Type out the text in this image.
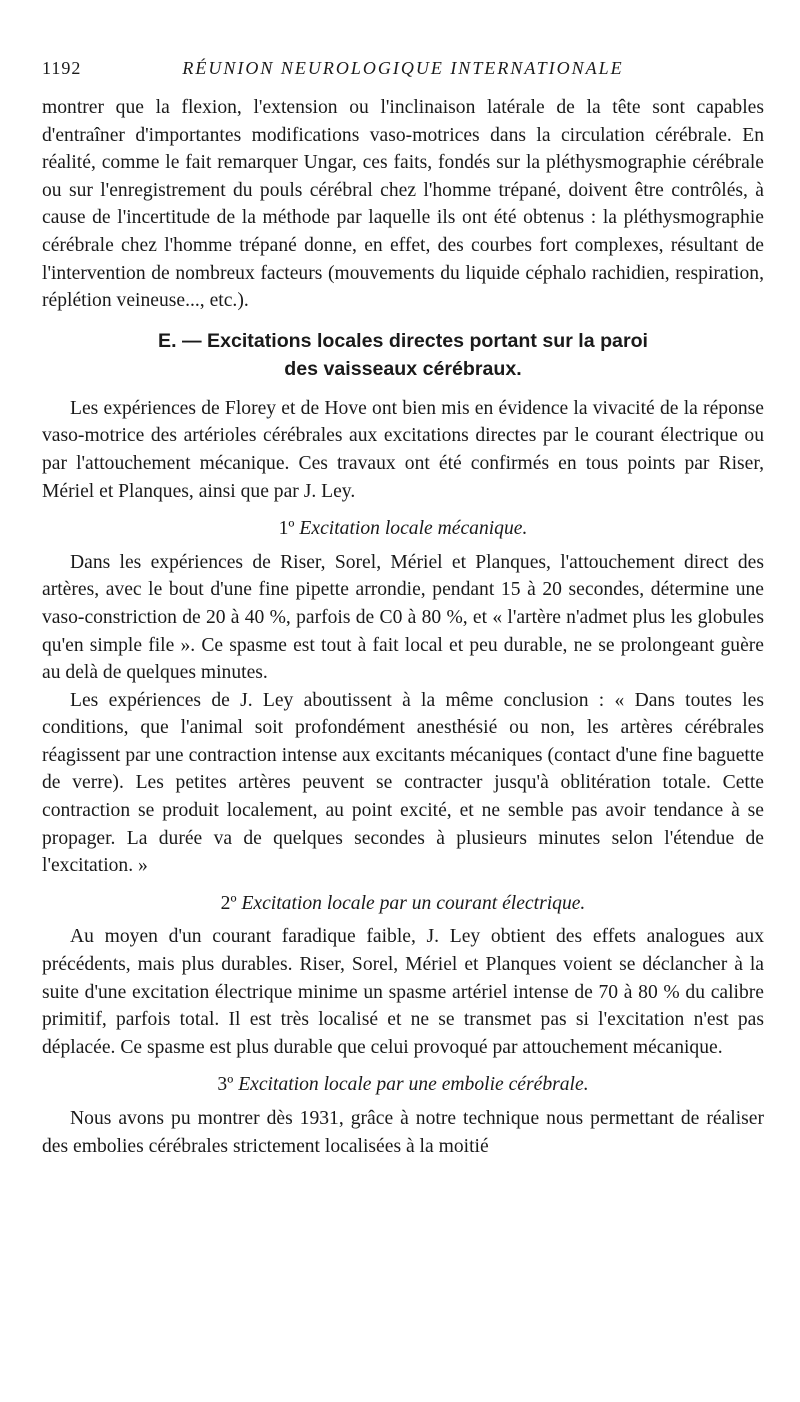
1192	RÉUNION NEUROLOGIQUE INTERNATIONALE

montrer que la flexion, l'extension ou l'inclinaison latérale de la tête sont capables d'entraîner d'importantes modifications vaso-motrices dans la circulation cérébrale. En réalité, comme le fait remarquer Ungar, ces faits, fondés sur la pléthysmographie cérébrale ou sur l'enregistrement du pouls cérébral chez l'homme trépané, doivent être contrôlés, à cause de l'incertitude de la méthode par laquelle ils ont été obtenus : la pléthysmographie cérébrale chez l'homme trépané donne, en effet, des courbes fort complexes, résultant de l'intervention de nombreux facteurs (mouvements du liquide céphalo rachidien, respiration, réplétion veineuse..., etc.).

E. — Excitations locales directes portant sur la paroi
des vaisseaux cérébraux.

Les expériences de Florey et de Hove ont bien mis en évidence la vivacité de la réponse vaso-motrice des artérioles cérébrales aux excitations directes par le courant électrique ou par l'attouchement mécanique. Ces travaux ont été confirmés en tous points par Riser, Mériel et Planques, ainsi que par J. Ley.

1º Excitation locale mécanique.

Dans les expériences de Riser, Sorel, Mériel et Planques, l'attouchement direct des artères, avec le bout d'une fine pipette arrondie, pendant 15 à 20 secondes, détermine une vaso-constriction de 20 à 40 %, parfois de C0 à 80 %, et « l'artère n'admet plus les globules qu'en simple file ». Ce spasme est tout à fait local et peu durable, ne se prolongeant guère au delà de quelques minutes.

Les expériences de J. Ley aboutissent à la même conclusion : « Dans toutes les conditions, que l'animal soit profondément anesthésié ou non, les artères cérébrales réagissent par une contraction intense aux excitants mécaniques (contact d'une fine baguette de verre). Les petites artères peuvent se contracter jusqu'à oblitération totale. Cette contraction se produit localement, au point excité, et ne semble pas avoir tendance à se propager. La durée va de quelques secondes à plusieurs minutes selon l'étendue de l'excitation. »

2º Excitation locale par un courant électrique.

Au moyen d'un courant faradique faible, J. Ley obtient des effets analogues aux précédents, mais plus durables. Riser, Sorel, Mériel et Planques voient se déclancher à la suite d'une excitation électrique minime un spasme artériel intense de 70 à 80 % du calibre primitif, parfois total. Il est très localisé et ne se transmet pas si l'excitation n'est pas déplacée. Ce spasme est plus durable que celui provoqué par attouchement mécanique.

3º Excitation locale par une embolie cérébrale.

Nous avons pu montrer dès 1931, grâce à notre technique nous permettant de réaliser des embolies cérébrales strictement localisées à la moitié
